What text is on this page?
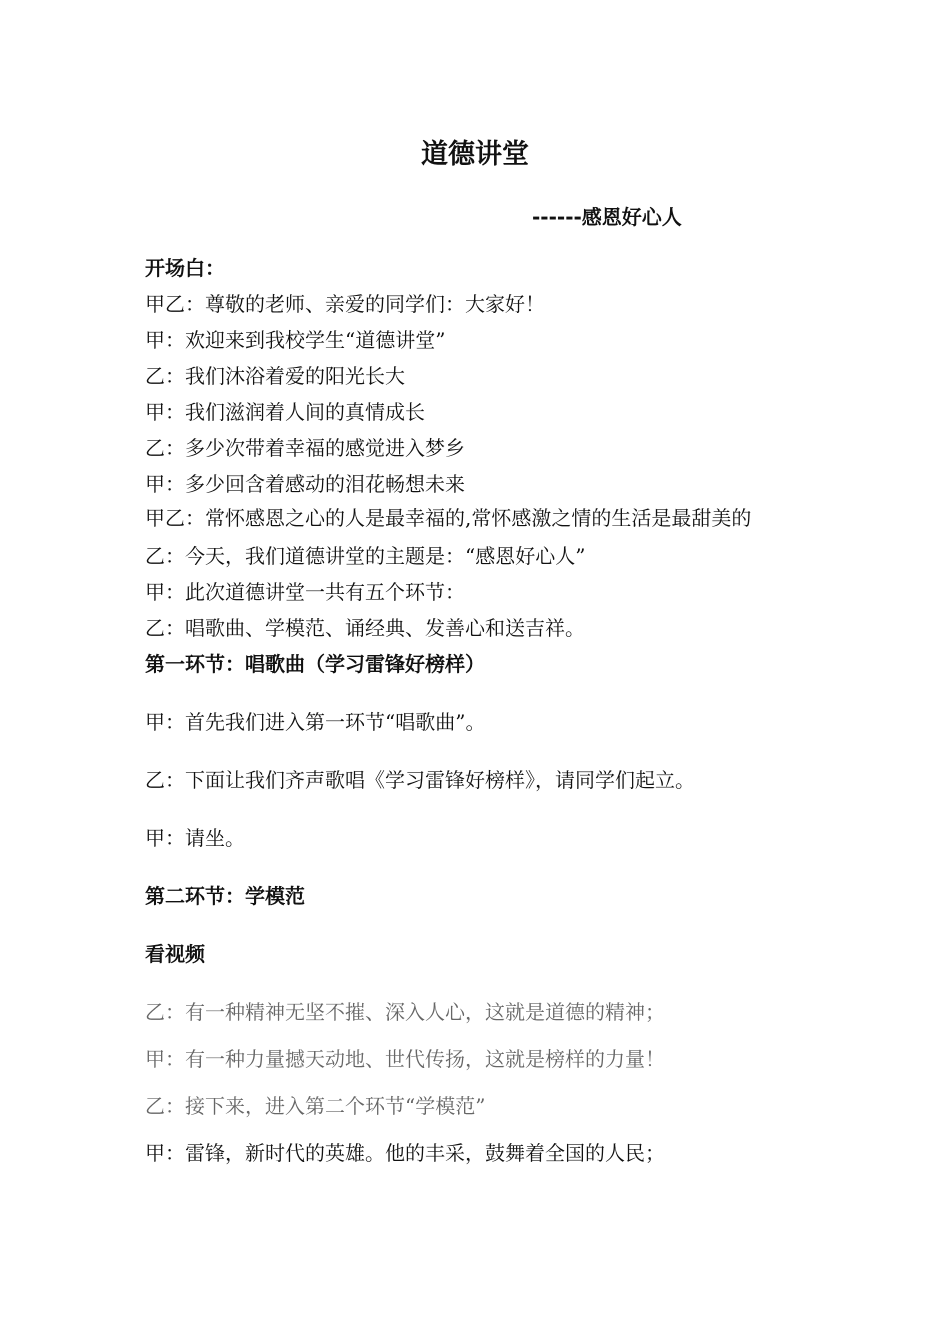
道德讲堂
------感恩好心人
开场白：
甲乙：尊敬的老师、亲爱的同学们：大家好！
甲：欢迎来到我校学生“道德讲堂”
乙：我们沐浴着爱的阳光长大
甲：我们滋润着人间的真情成长
乙：多少次带着幸福的感觉进入梦乡
甲：多少回含着感动的泪花畅想未来
甲乙：常怀感恩之心的人是最幸福的,常怀感激之情的生活是最甜美的
乙：今天，我们道德讲堂的主题是：“感恩好心人”
甲：此次道德讲堂一共有五个环节：
乙：唱歌曲、学模范、诵经典、发善心和送吉祥。
第一环节：唱歌曲（学习雷锋好榜样）
甲：首先我们进入第一环节“唱歌曲”。
乙：下面让我们齐声歌唱《学习雷锋好榜样》，请同学们起立。
甲：请坐。
第二环节：学模范
看视频
乙：有一种精神无坚不摧、深入人心，这就是道德的精神；
甲：有一种力量撼天动地、世代传扬，这就是榜样的力量！
乙：接下来，进入第二个环节“学模范”
甲：雷锋，新时代的英雄。他的丰采，鼓舞着全国的人民；
